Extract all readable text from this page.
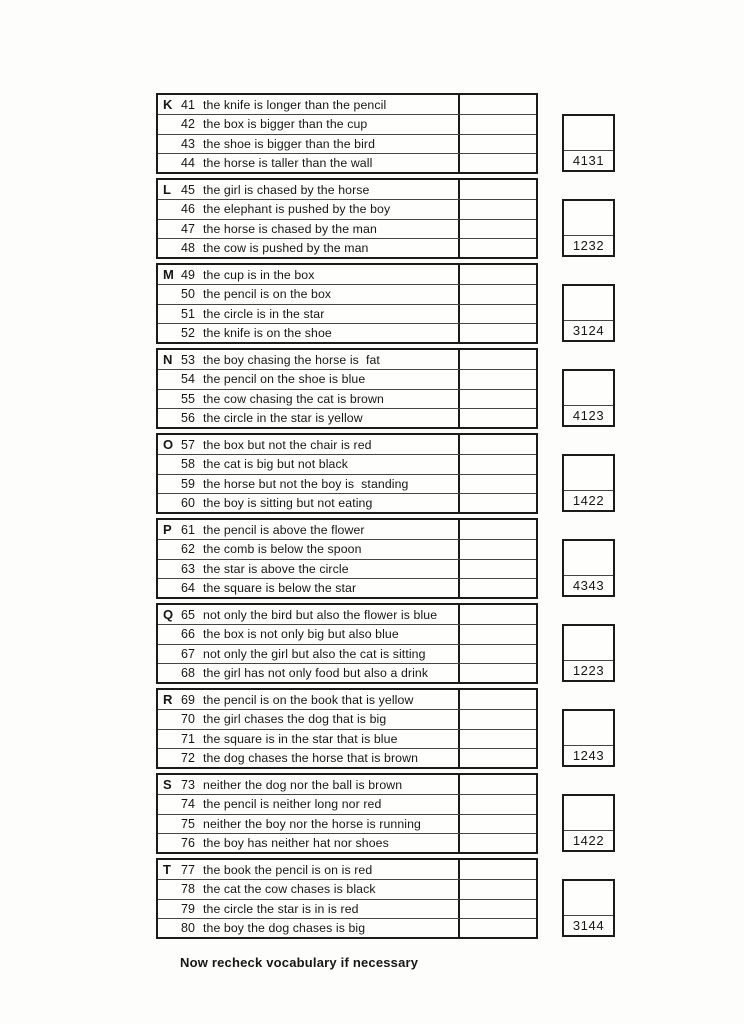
K 41 the knife is longer than the pencil
42 the box is bigger than the cup
43 the shoe is bigger than the bird
44 the horse is taller than the wall	4131
L 45 the girl is chased by the horse
46 the elephant is pushed by the boy
47 the horse is chased by the man
48 the cow is pushed by the man	1232
M 49 the cup is in the box
50 the pencil is on the box
51 the circle is in the star
52 the knife is on the shoe	3124
N 53 the boy chasing the horse is  fat
54 the pencil on the shoe is blue
55 the cow chasing the cat is brown
56 the circle in the star is yellow	4123
O 57 the box but not the chair is red
58 the cat is big but not black
59 the horse but not the boy is  standing
60 the boy is sitting but not eating	1422
P 61 the pencil is above the flower
62 the comb is below the spoon
63 the star is above the circle
64 the square is below the star	4343
Q 65 not only the bird but also the flower is blue
66 the box is not only big but also blue
67 not only the girl but also the cat is sitting
68 the girl has not only food but also a drink	1223
R 69 the pencil is on the book that is yellow
70 the girl chases the dog that is big
71 the square is in the star that is blue
72 the dog chases the horse that is brown	1243
S 73 neither the dog nor the ball is brown
74 the pencil is neither long nor red
75 neither the boy nor the horse is running
76 the boy has neither hat nor shoes	1422
T 77 the book the pencil is on is red
78 the cat the cow chases is black
79 the circle the star is in is red
80 the boy the dog chases is big	3144
Now recheck vocabulary if necessary
